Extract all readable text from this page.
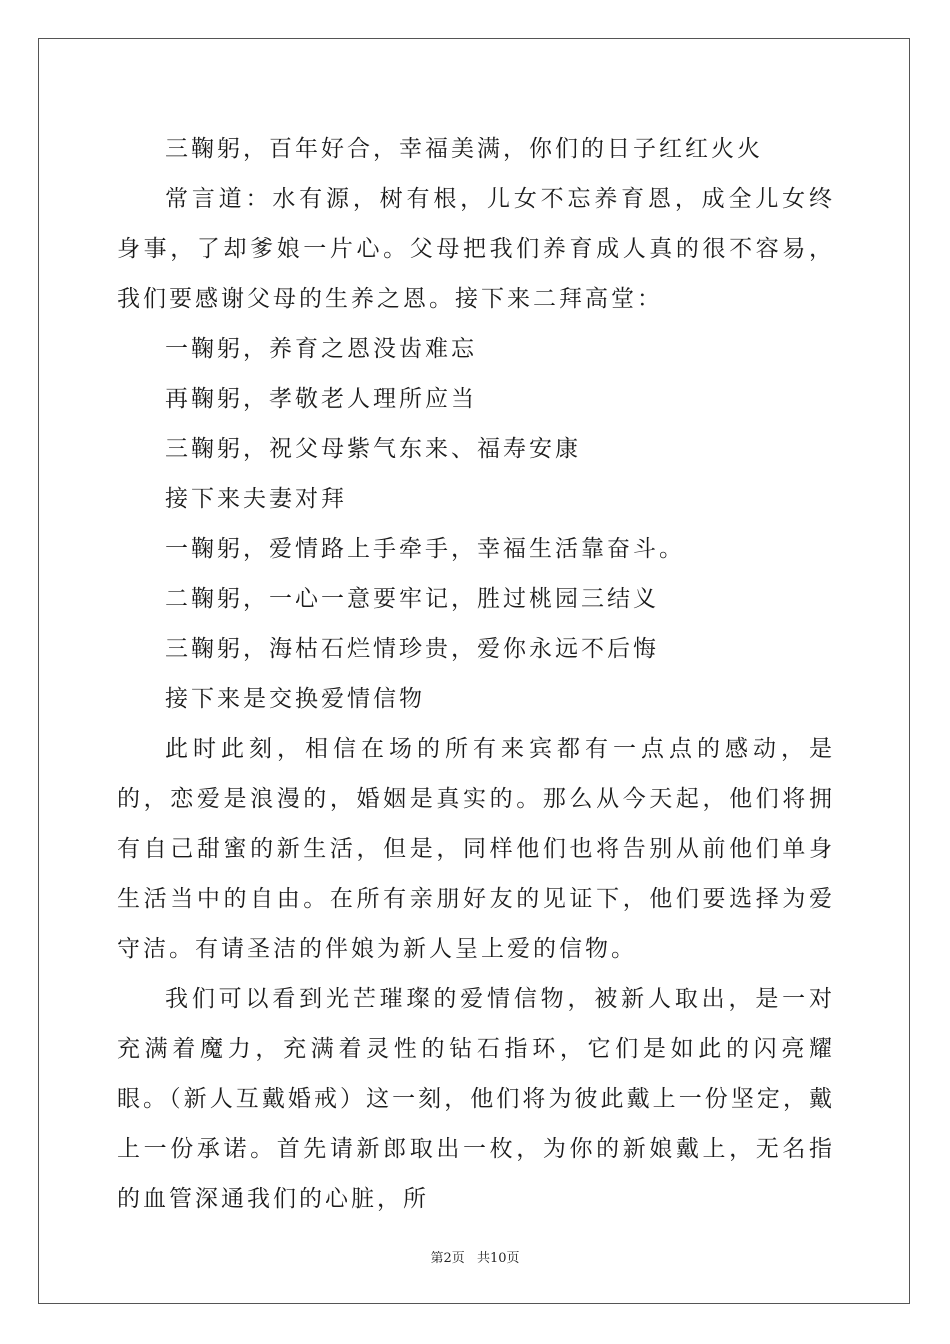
三鞠躬，百年好合，幸福美满，你们的日子红红火火

常言道：水有源，树有根，儿女不忘养育恩，成全儿女终身事，了却爹娘一片心。父母把我们养育成人真的很不容易，我们要感谢父母的生养之恩。接下来二拜高堂：

一鞠躬，养育之恩没齿难忘

再鞠躬，孝敬老人理所应当

三鞠躬，祝父母紫气东来、福寿安康

接下来夫妻对拜

一鞠躬，爱情路上手牵手，幸福生活靠奋斗。

二鞠躬，一心一意要牢记，胜过桃园三结义

三鞠躬，海枯石烂情珍贵，爱你永远不后悔

接下来是交换爱情信物

此时此刻，相信在场的所有来宾都有一点点的感动，是的，恋爱是浪漫的，婚姻是真实的。那么从今天起，他们将拥有自己甜蜜的新生活，但是，同样他们也将告别从前他们单身生活当中的自由。在所有亲朋好友的见证下，他们要选择为爱守洁。有请圣洁的伴娘为新人呈上爱的信物。

我们可以看到光芒璀璨的爱情信物，被新人取出，是一对充满着魔力，充满着灵性的钻石指环，它们是如此的闪亮耀眼。（新人互戴婚戒）这一刻，他们将为彼此戴上一份坚定，戴上一份承诺。首先请新郎取出一枚，为你的新娘戴上，无名指的血管深通我们的心脏，所

第2页 共10页
